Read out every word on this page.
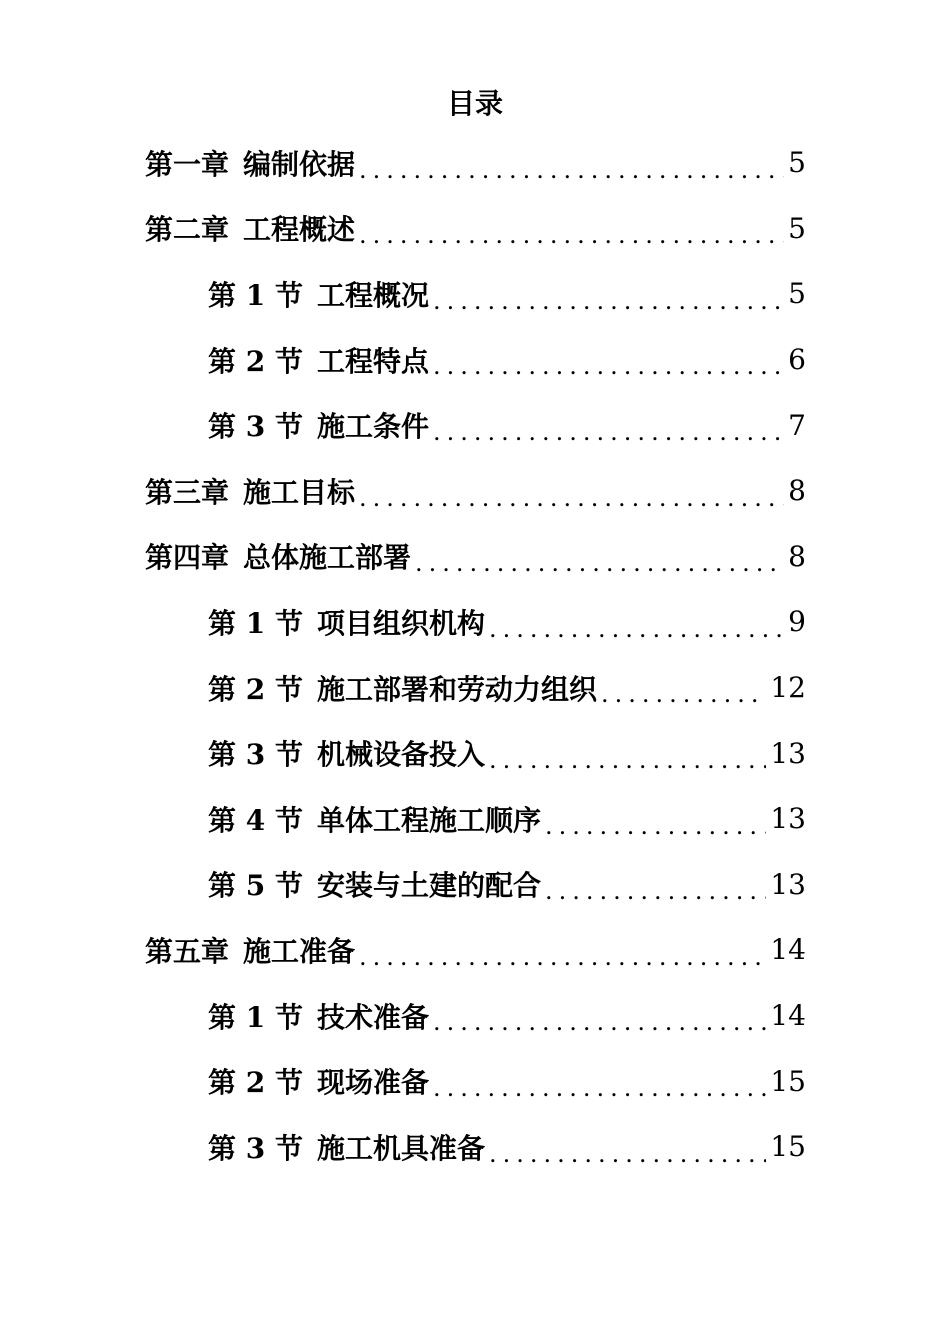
目录
第一章 编制依据 .....	5
第二章 工程概述 .....	5
第 1 节 工程概况 .....	5
第 2 节 工程特点 .....	6
第 3 节 施工条件 .....	7
第三章 施工目标 .....	8
第四章 总体施工部署 .....	8
第 1 节 项目组织机构 .....	9
第 2 节 施工部署和劳动力组织 .....	12
第 3 节 机械设备投入 .....	13
第 4 节 单体工程施工顺序 .....	13
第 5 节 安装与土建的配合 .....	13
第五章 施工准备 .....	14
第 1 节 技术准备 .....	14
第 2 节 现场准备 .....	15
第 3 节 施工机具准备 .....	15
